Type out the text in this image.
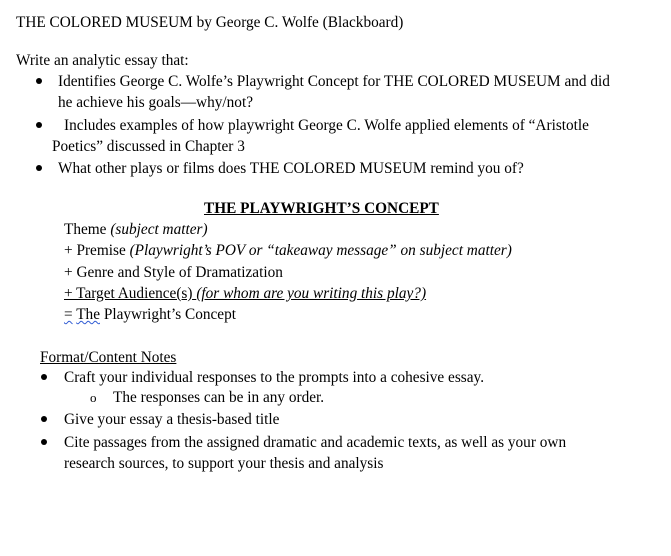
THE COLORED MUSEUM by George C. Wolfe (Blackboard)
Write an analytic essay that:
Identifies George C. Wolfe’s Playwright Concept for THE COLORED MUSEUM and did
he achieve his goals—why/not?
Includes examples of how playwright George C. Wolfe applied elements of “Aristotle
Poetics” discussed in Chapter 3
What other plays or films does THE COLORED MUSEUM remind you of?
THE PLAYWRIGHT’S CONCEPT
Theme (subject matter)
+ Premise (Playwright’s POV or “takeaway message” on subject matter)
+ Genre and Style of Dramatization
+ Target Audience(s) (for whom are you writing this play?)
= The Playwright’s Concept
Format/Content Notes
Craft your individual responses to the prompts into a cohesive essay.
o The responses can be in any order.
Give your essay a thesis-based title
Cite passages from the assigned dramatic and academic texts, as well as your own
research sources, to support your thesis and analysis
